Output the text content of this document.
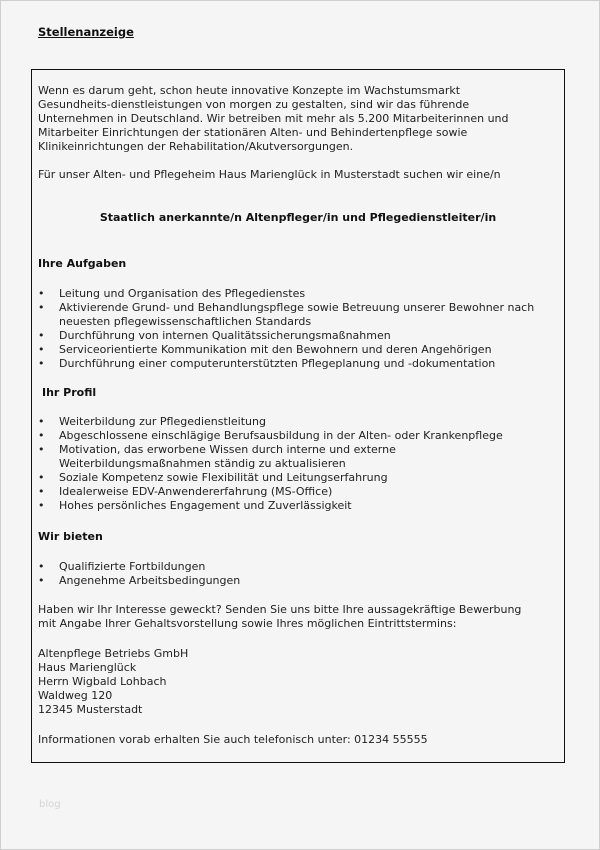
Stellenanzeige
Wenn es darum geht, schon heute innovative Konzepte im Wachstumsmarkt
Gesundheits-dienstleistungen von morgen zu gestalten, sind wir das führende
Unternehmen in Deutschland. Wir betreiben mit mehr als 5.200 Mitarbeiterinnen und
Mitarbeiter Einrichtungen der stationären Alten- und Behindertenpflege sowie
Klinikeinrichtungen der Rehabilitation/Akutversorgungen.
Für unser Alten- und Pflegeheim Haus Marienglück in Musterstadt suchen wir eine/n
Staatlich anerkannte/n Altenpfleger/in und Pflegedienstleiter/in
Ihre Aufgaben
• Leitung und Organisation des Pflegedienstes
• Aktivierende Grund- und Behandlungspflege sowie Betreuung unserer Bewohner nach
neuesten pflegewissenschaftlichen Standards
• Durchführung von internen Qualitätssicherungsmaßnahmen
• Serviceorientierte Kommunikation mit den Bewohnern und deren Angehörigen
• Durchführung einer computerunterstützten Pflegeplanung und -dokumentation
Ihr Profil
• Weiterbildung zur Pflegedienstleitung
• Abgeschlossene einschlägige Berufsausbildung in der Alten- oder Krankenpflege
• Motivation, das erworbene Wissen durch interne und externe
Weiterbildungsmaßnahmen ständig zu aktualisieren
• Soziale Kompetenz sowie Flexibilität und Leitungserfahrung
• Idealerweise EDV-Anwendererfahrung (MS-Office)
• Hohes persönliches Engagement und Zuverlässigkeit
Wir bieten
• Qualifizierte Fortbildungen
• Angenehme Arbeitsbedingungen
Haben wir Ihr Interesse geweckt? Senden Sie uns bitte Ihre aussagekräftige Bewerbung
mit Angabe Ihrer Gehaltsvorstellung sowie Ihres möglichen Eintrittstermins:
Altenpflege Betriebs GmbH
Haus Marienglück
Herrn Wigbald Lohbach
Waldweg 120
12345 Musterstadt
Informationen vorab erhalten Sie auch telefonisch unter: 01234 55555
blog
